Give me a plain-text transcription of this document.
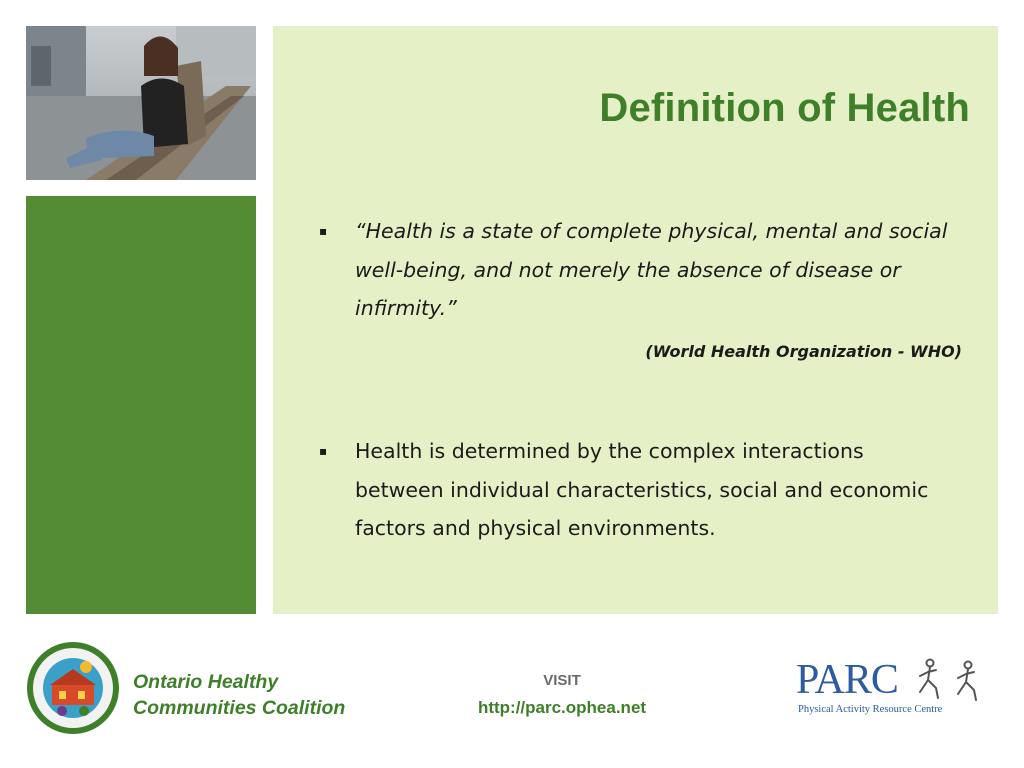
Definition of Health
▪ “Health is a state of complete physical, mental and social well-being, and not merely the absence of disease or infirmity.”
(World Health Organization - WHO)
▪ Health is determined by the complex interactions between individual characteristics, social and economic factors and physical environments.
Ontario Healthy
Communities Coalition
VISIT
http://parc.ophea.net
PARC
Physical Activity Resource Centre
